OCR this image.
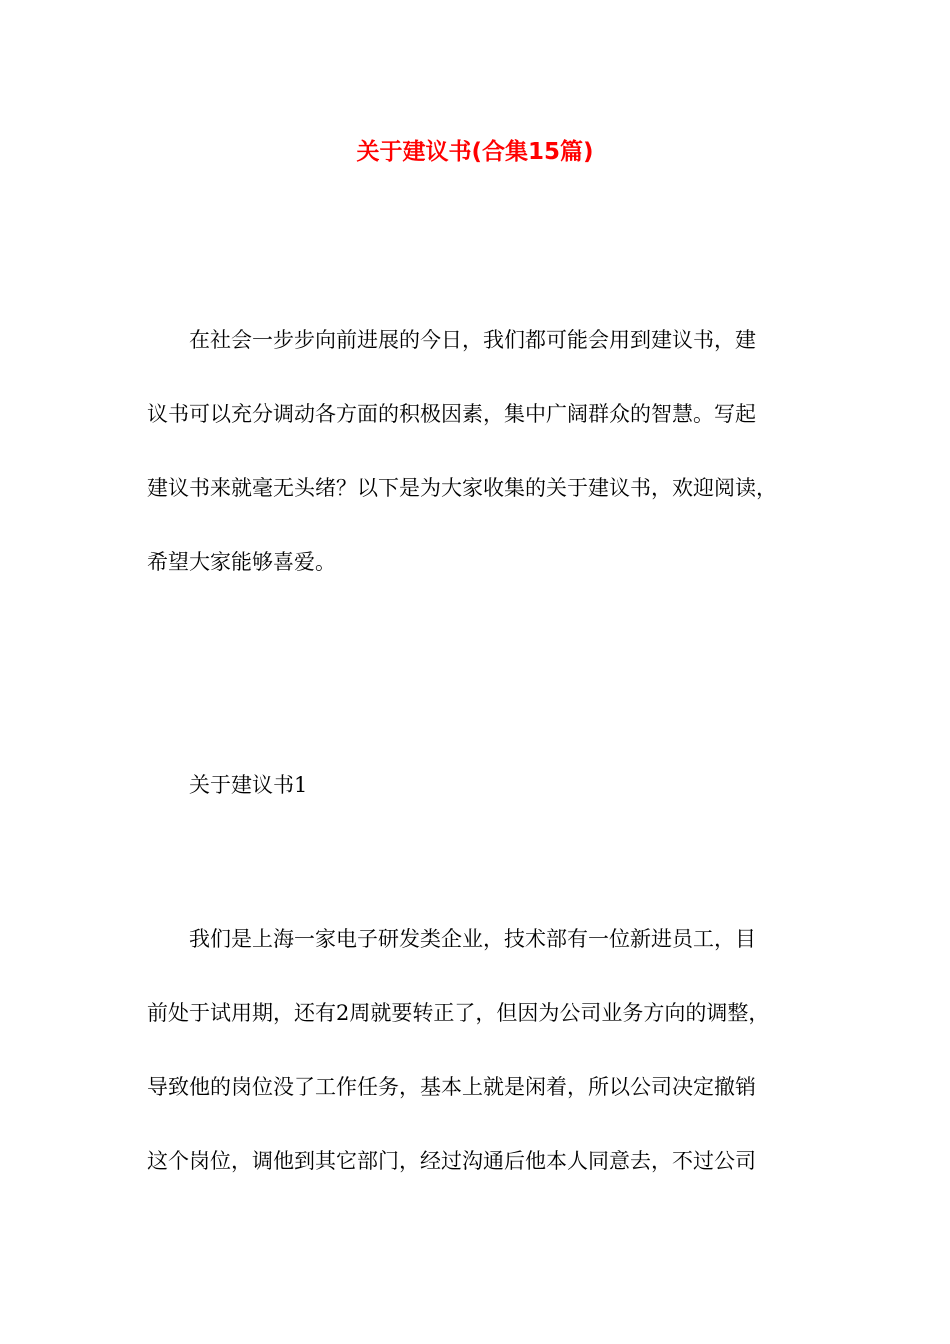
关于建议书(合集15篇)
在社会一步步向前进展的今日，我们都可能会用到建议书，建
议书可以充分调动各方面的积极因素，集中广阔群众的智慧。写起
建议书来就毫无头绪？以下是为大家收集的关于建议书，欢迎阅读，
希望大家能够喜爱。
关于建议书1
我们是上海一家电子研发类企业，技术部有一位新进员工，目
前处于试用期，还有2周就要转正了，但因为公司业务方向的调整，
导致他的岗位没了工作任务，基本上就是闲着，所以公司决定撤销
这个岗位，调他到其它部门，经过沟通后他本人同意去，不过公司
